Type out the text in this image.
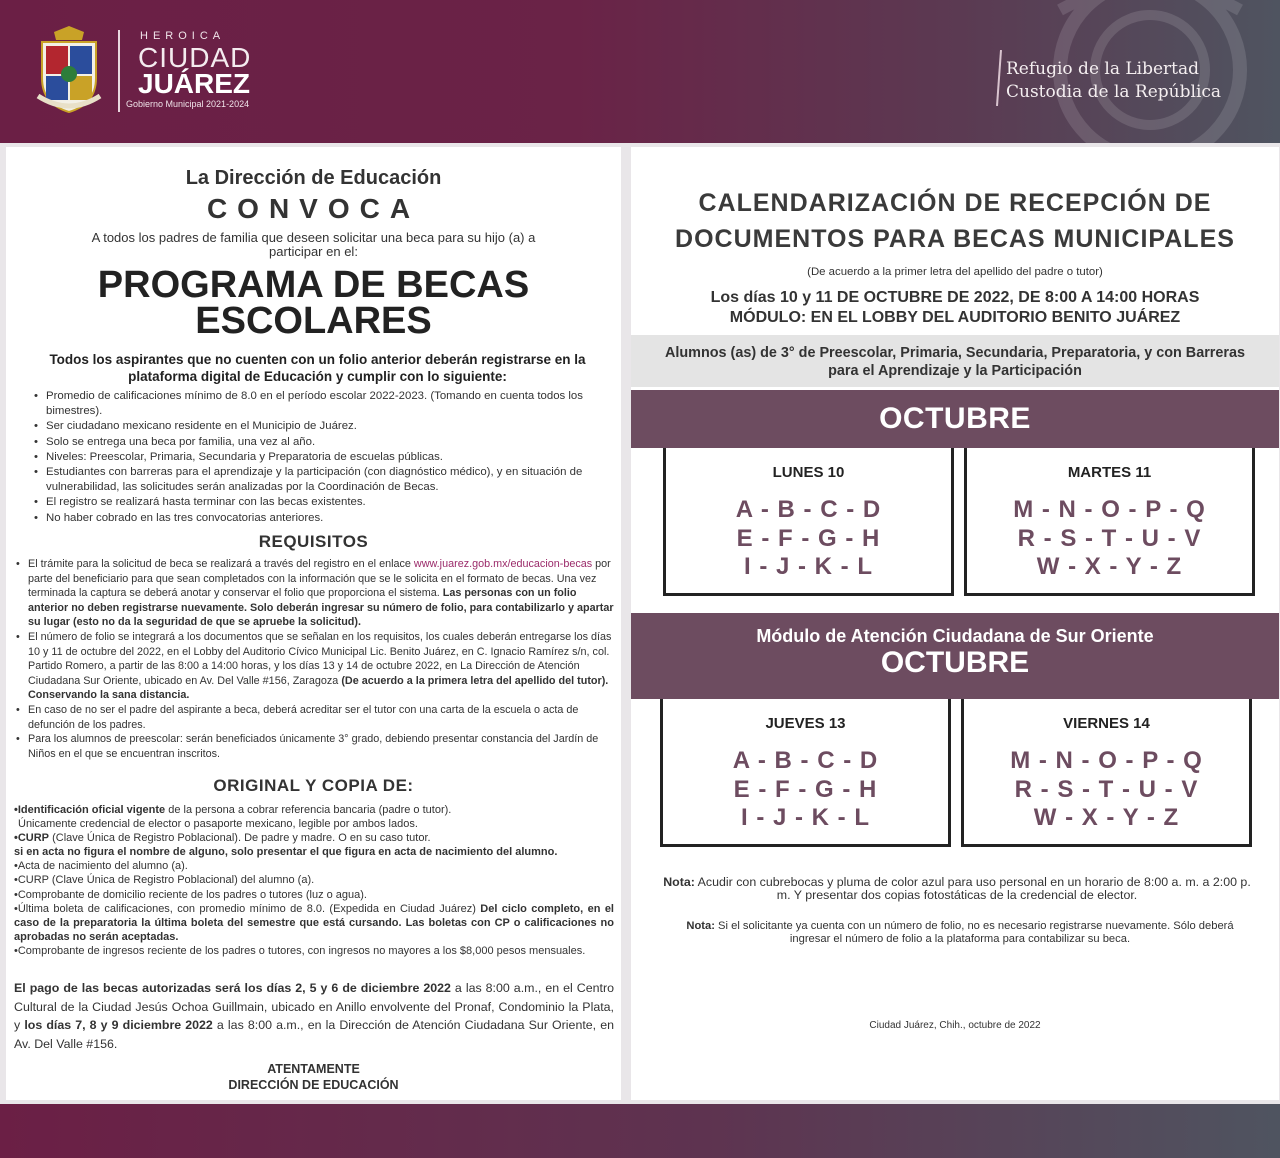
HEROICA
CIUDAD
JUÁREZ
Gobierno Municipal 2021-2024
Refugio de la Libertad
Custodia de la República
La Dirección de Educación
CONVOCA
A todos los padres de familia que deseen solicitar una beca para su hijo (a) a participar en el:
PROGRAMA DE BECAS
ESCOLARES
Todos los aspirantes que no cuenten con un folio anterior deberán registrarse en la plataforma digital de Educación y cumplir con lo siguiente:
• Promedio de calificaciones mínimo de 8.0 en el período escolar 2022-2023. (Tomando en cuenta todos los bimestres).
• Ser ciudadano mexicano residente en el Municipio de Juárez.
• Solo se entrega una beca por familia, una vez al año.
• Niveles: Preescolar, Primaria, Secundaria y Preparatoria de escuelas públicas.
• Estudiantes con barreras para el aprendizaje y la participación (con diagnóstico médico), y en situación de vulnerabilidad, las solicitudes serán analizadas por la Coordinación de Becas.
• El registro se realizará hasta terminar con las becas existentes.
• No haber cobrado en las tres convocatorias anteriores.
REQUISITOS
• El trámite para la solicitud de beca se realizará a través del registro en el enlace www.juarez.gob.mx/educacion-becas por parte del beneficiario para que sean completados con la información que se le solicita en el formato de becas. Una vez terminada la captura se deberá anotar y conservar el folio que proporciona el sistema. Las personas con un folio anterior no deben registrarse nuevamente. Solo deberán ingresar su número de folio, para contabilizarlo y apartar su lugar (esto no da la seguridad de que se apruebe la solicitud).
• El número de folio se integrará a los documentos que se señalan en los requisitos, los cuales deberán entregarse los días 10 y 11 de octubre del 2022, en el Lobby del Auditorio Cívico Municipal Lic. Benito Juárez, en C. Ignacio Ramírez s/n, col. Partido Romero, a partir de las 8:00 a 14:00 horas, y los días 13 y 14 de octubre 2022, en La Dirección de Atención Ciudadana Sur Oriente, ubicado en Av. Del Valle #156, Zaragoza (De acuerdo a la primera letra del apellido del tutor). Conservando la sana distancia.
• En caso de no ser el padre del aspirante a beca, deberá acreditar ser el tutor con una carta de la escuela o acta de defunción de los padres.
• Para los alumnos de preescolar: serán beneficiados únicamente 3° grado, debiendo presentar constancia del Jardín de Niños en el que se encuentran inscritos.
ORIGINAL Y COPIA DE:

•Identificación oficial vigente de la persona a cobrar referencia bancaria (padre o tutor).

Únicamente credencial de elector o pasaporte mexicano, legible por ambos lados.

•CURP (Clave Única de Registro Poblacional). De padre y madre. O en su caso tutor.

si en acta no figura el nombre de alguno, solo presentar el que figura en acta de nacimiento del alumno.

•Acta de nacimiento del alumno (a).

•CURP (Clave Única de Registro Poblacional) del alumno (a).

•Comprobante de domicilio reciente de los padres o tutores (luz o agua).

•Última boleta de calificaciones, con promedio mínimo de 8.0. (Expedida en Ciudad Juárez) Del ciclo completo, en el caso de la preparatoria la última boleta del semestre que está cursando. Las boletas con CP o calificaciones no aprobadas no serán aceptadas.

•Comprobante de ingresos reciente de los padres o tutores, con ingresos no mayores a los $8,000 pesos mensuales.

El pago de las becas autorizadas será los días 2, 5 y 6 de diciembre 2022 a las 8:00 a.m., en el Centro Cultural de la Ciudad Jesús Ochoa Guillmain, ubicado en Anillo envolvente del Pronaf, Condominio la Plata, y los días 7, 8 y 9 diciembre 2022 a las 8:00 a.m., en la Dirección de Atención Ciudadana Sur Oriente, en Av. Del Valle #156.
ATENTAMENTE
DIRECCIÓN DE EDUCACIÓN
CALENDARIZACIÓN DE RECEPCIÓN DE
DOCUMENTOS PARA BECAS MUNICIPALES
(De acuerdo a la primer letra del apellido del padre o tutor)
Los días 10 y 11 DE OCTUBRE DE 2022, DE 8:00 A 14:00 HORAS
MÓDULO: EN EL LOBBY DEL AUDITORIO BENITO JUÁREZ
Alumnos (as) de 3° de Preescolar, Primaria, Secundaria, Preparatoria, y con Barreras para el Aprendizaje y la Participación
OCTUBRE
LUNES 10
A - B - C - D
E - F - G - H
I - J - K - L
MARTES 11
M - N - O - P - Q
R - S - T - U - V
W - X - Y - Z
Módulo de Atención Ciudadana de Sur Oriente
OCTUBRE
JUEVES 13
A - B - C - D
E - F - G - H
I - J - K - L
VIERNES 14
M - N - O - P - Q
R - S - T - U - V
W - X - Y - Z
Nota: Acudir con cubrebocas y pluma de color azul para uso personal en un horario de 8:00 a. m. a 2:00 p. m. Y presentar dos copias fotostáticas de la credencial de elector.
Nota: Si el solicitante ya cuenta con un número de folio, no es necesario registrarse nuevamente. Sólo deberá ingresar el número de folio a la plataforma para contabilizar su beca.
Ciudad Juárez, Chih., octubre de 2022
